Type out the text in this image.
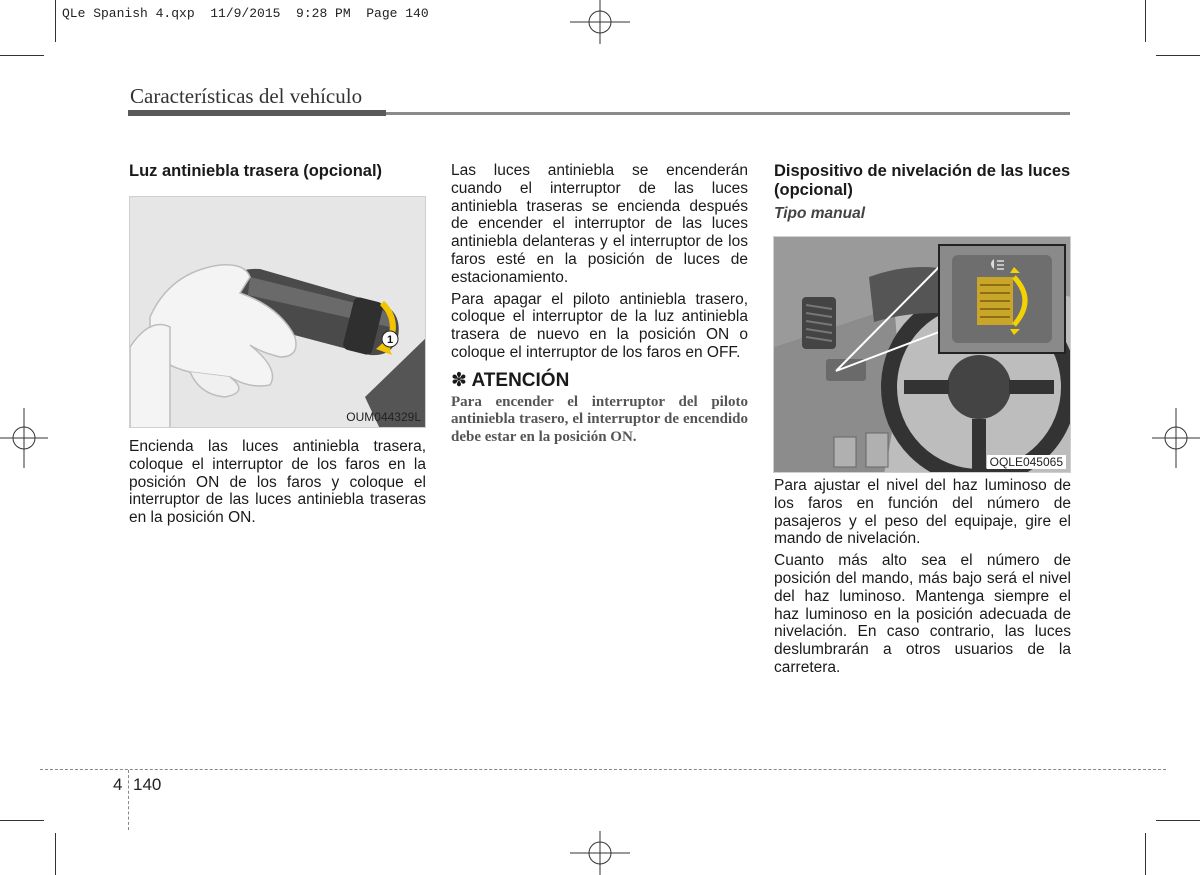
QLe Spanish 4.qxp  11/9/2015  9:28 PM  Page 140
Características del vehículo
Luz antiniebla trasera (opcional)
1
OUM044329L

Encienda las luces antiniebla trasera, coloque el interruptor de los faros en la posición ON de los faros y coloque el interruptor de las luces antiniebla traseras en la posición ON.

Las luces antiniebla se encenderán cuando el interruptor de las luces antiniebla traseras se encienda después de encender el interruptor de las luces antiniebla delanteras y el interruptor de los faros esté en la posición de luces de estacionamiento.

Para apagar el piloto antiniebla trasero, coloque el interruptor de la luz antiniebla trasera de nuevo en la posición ON o coloque el interruptor de los faros en OFF.

✽ ATENCIÓN
Para encender el interruptor del piloto antiniebla trasero, el interruptor de encendido debe estar en la posición ON.
Dispositivo de nivelación de las luces (opcional)
Tipo manual
OQLE045065

Para ajustar el nivel del haz luminoso de los faros en función del número de pasajeros y el peso del equipaje, gire el mando de nivelación.

Cuanto más alto sea el número de posición del mando, más bajo será el nivel del haz luminoso. Mantenga siempre el haz luminoso en la posición adecuada de nivelación. En caso contrario, las luces deslumbrarán a otros usuarios de la carretera.

4 140
